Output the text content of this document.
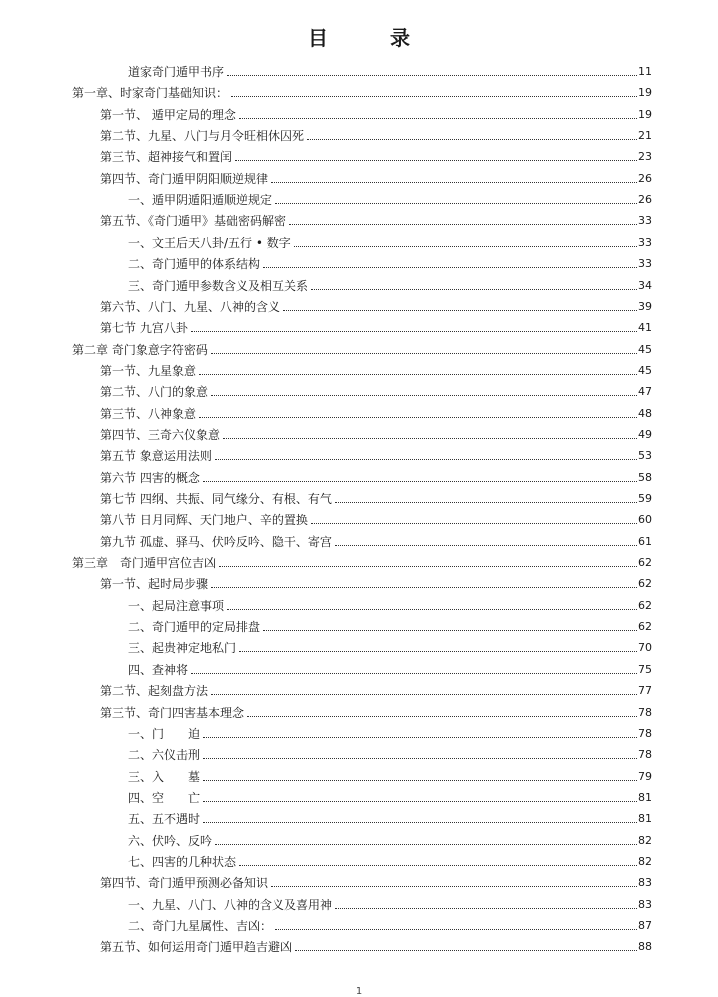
目	录
道家奇门遁甲书序	11
第一章、时家奇门基础知识：	19
第一节、 遁甲定局的理念	19
第二节、九星、八门与月令旺相休囚死	21
第三节、超神接气和置闰	23
第四节、奇门遁甲阴阳顺逆规律	26
一、遁甲阴遁阳遁顺逆规定	26
第五节、《奇门遁甲》基础密码解密	33
一、文王后天八卦/五行 • 数字	33
二、奇门遁甲的体系结构	33
三、奇门遁甲参数含义及相互关系	34
第六节、八门、九星、八神的含义	39
第七节 九宫八卦	41
第二章 奇门象意字符密码	45
第一节、九星象意	45
第二节、八门的象意	47
第三节、八神象意	48
第四节、三奇六仪象意	49
第五节 象意运用法则	53
第六节 四害的概念	58
第七节 四纲、共振、同气缘分、有根、有气	59
第八节 日月同辉、天门地户、辛的置换	60
第九节 孤虚、驿马、伏吟反吟、隐干、寄宫	61
第三章　奇门遁甲宫位吉凶	62
第一节、起时局步骤	62
一、起局注意事项	62
二、奇门遁甲的定局排盘	62
三、起贵神定地私门	70
四、查神将	75
第二节、起刻盘方法	77
第三节、奇门四害基本理念	78
一、门　　迫	78
二、六仪击刑	78
三、入　　墓	79
四、空　　亡	81
五、五不遇时	81
六、伏吟、反吟	82
七、四害的几种状态	82
第四节、奇门遁甲预测必备知识	83
一、九星、八门、八神的含义及喜用神	83
二、奇门九星属性、吉凶：	87
第五节、如何运用奇门遁甲趋吉避凶	88
1
